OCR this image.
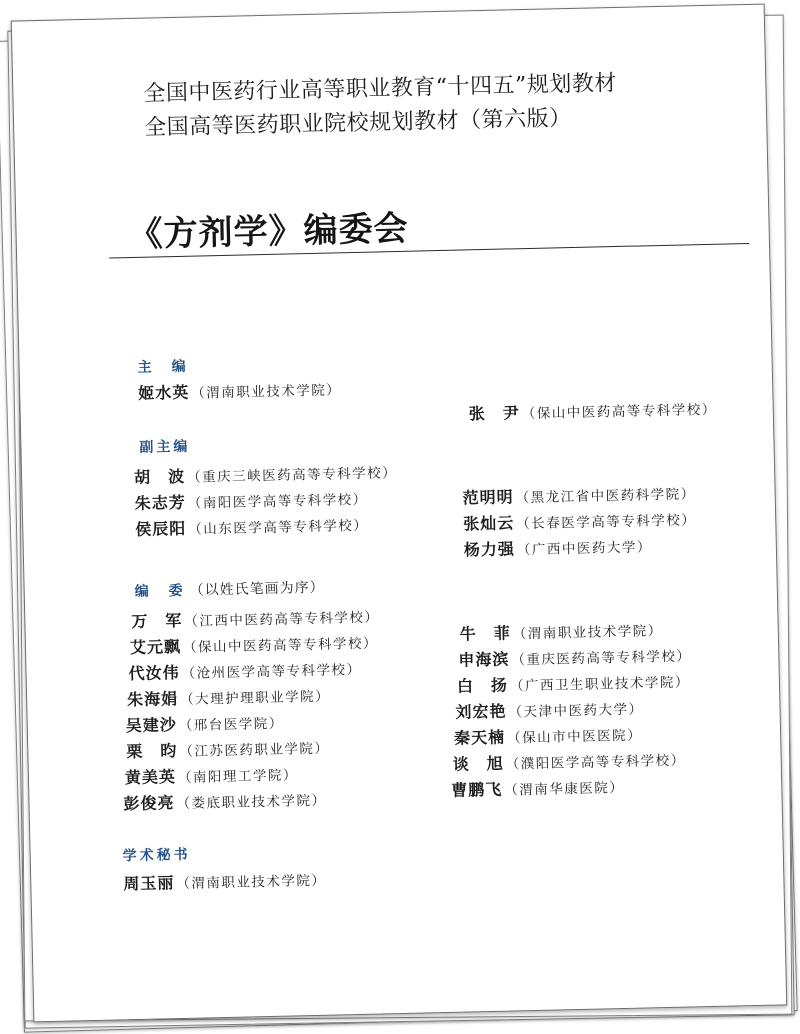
全国中医药行业高等职业教育“十四五”规划教材
全国高等医药职业院校规划教材（第六版）
《方剂学》编委会
主　编
姬水英 （渭南职业技术学院）
张　尹 （保山中医药高等专科学校）
副主编
胡　波 （重庆三峡医药高等专科学校）
朱志芳 （南阳医学高等专科学校）
侯辰阳 （山东医学高等专科学校）
范明明 （黑龙江省中医药科学院）
张灿云 （长春医学高等专科学校）
杨力强 （广西中医药大学）
编　委 （以姓氏笔画为序）
万　军 （江西中医药高等专科学校）
艾元飘 （保山中医药高等专科学校）
代汝伟 （沧州医学高等专科学校）
朱海娟 （大理护理职业学院）
吴建沙 （邢台医学院）
栗　昀 （江苏医药职业学院）
黄美英 （南阳理工学院）
彭俊亮 （娄底职业技术学院）
牛　菲 （渭南职业技术学院）
申海滨 （重庆医药高等专科学校）
白　扬 （广西卫生职业技术学院）
刘宏艳 （天津中医药大学）
秦天楠 （保山市中医医院）
谈　旭 （濮阳医学高等专科学校）
曹鹏飞 （渭南华康医院）
学术秘书
周玉丽 （渭南职业技术学院）
